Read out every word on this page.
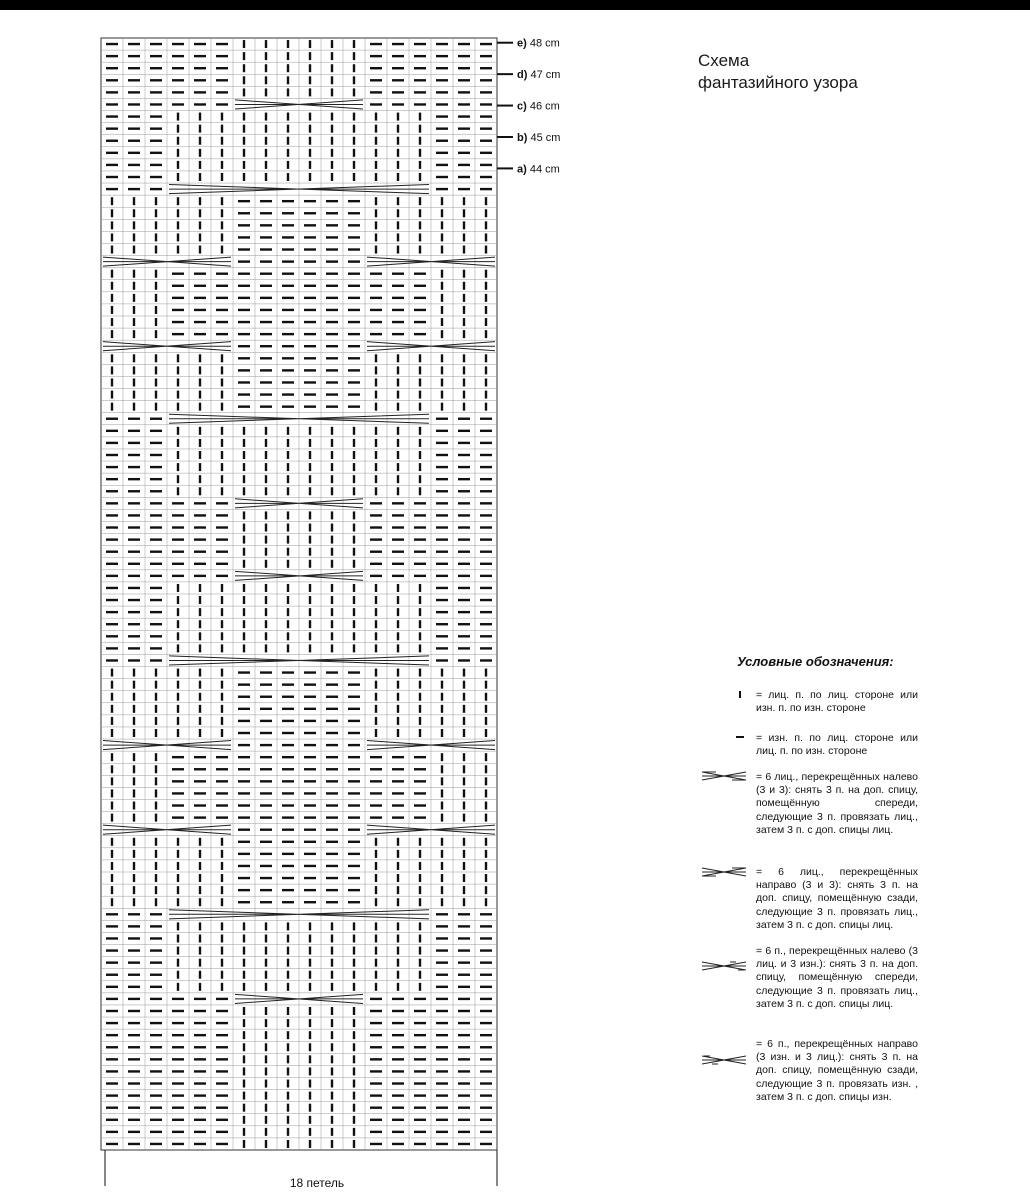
e) 48 cm
d) 47 cm
c) 46 cm
b) 45 cm
a) 44 cm
18 петель
Схема
фантазийного узора
Условные обозначения:
= лиц. п. по лиц. стороне или изн. п. по изн. стороне
= изн. п. по лиц. стороне или лиц. п. по изн. стороне
= 6 лиц., перекрещённых налево (3 и 3): снять 3 п. на доп. спицу, помещённую спереди, следующие 3 п. провязать лиц., затем 3 п. с доп. спицы лиц.
= 6 лиц., перекрещённых направо (3 и 3): снять 3 п. на доп. спицу, помещённую сзади, следующие 3 п. провязать лиц., затем 3 п. с доп. спицы лиц.
= 6 п., перекрещённых налево (3 лиц. и 3 изн.): снять 3 п. на доп. спицу, помещённую спереди, следующие 3 п. провязать лиц., затем 3 п. с доп. спицы лиц.
= 6 п., перекрещённых направо (3 изн. и 3 лиц.): снять 3 п. на доп. спицу, помещённую сзади, следующие 3 п. провязать изн. , затем 3 п. с доп. спицы изн.
